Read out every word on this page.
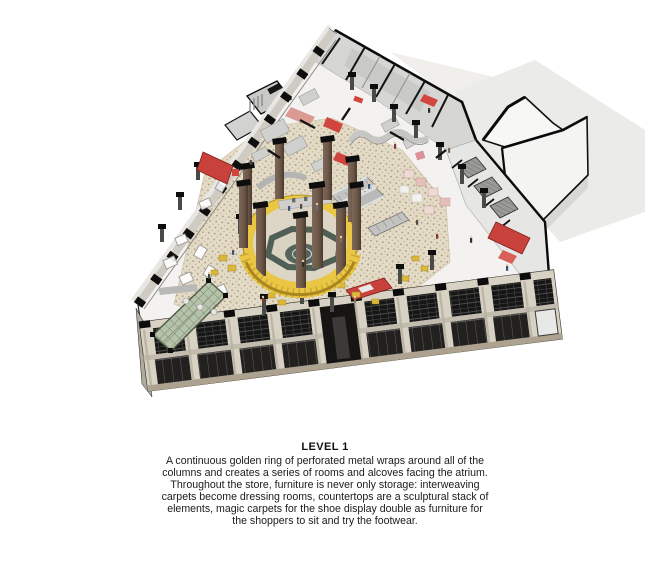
LEVEL 1
A continuous golden ring of perforated metal wraps around all of the
columns and creates a series of rooms and alcoves facing the atrium.
Throughout the store, furniture is never only storage: interweaving
carpets become dressing rooms, countertops are a sculptural stack of
elements, magic carpets for the shoe display double as furniture for
the shoppers to sit and try the footwear.
